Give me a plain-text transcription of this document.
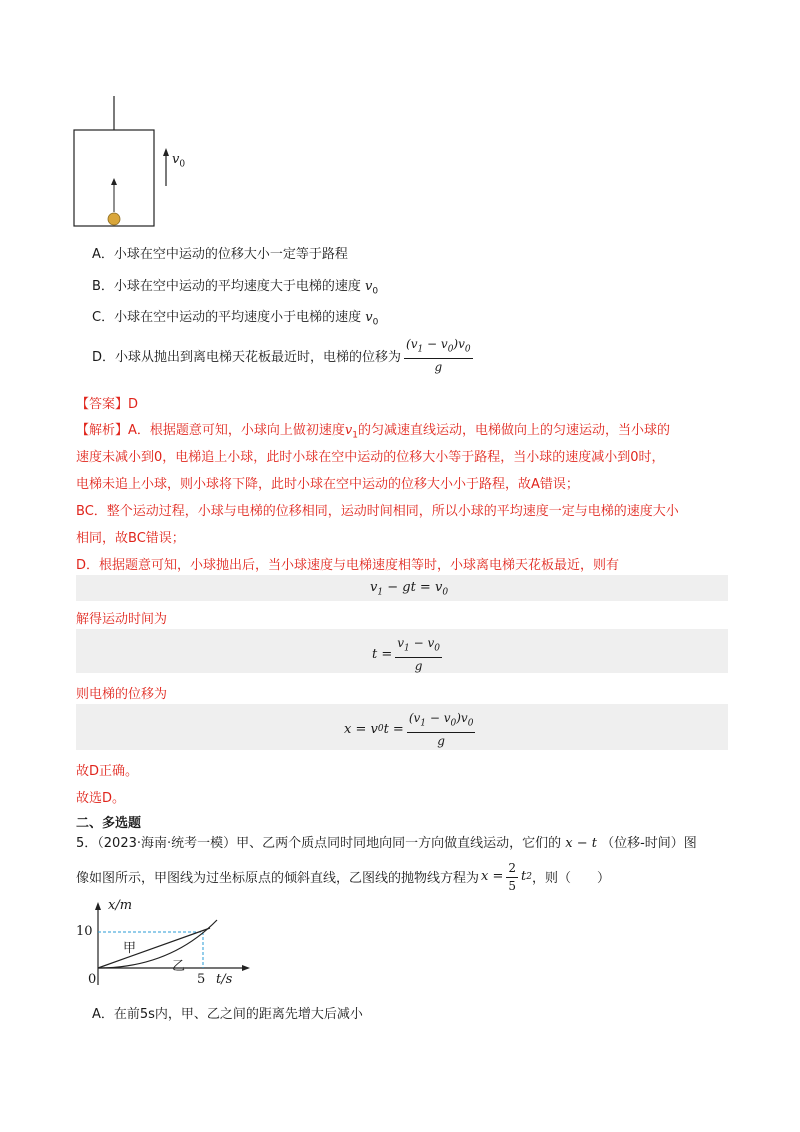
$v_0$
A．小球在空中运动的位移大小一定等于路程
B．小球在空中运动的平均速度大于电梯的速度 $v_0$
C．小球在空中运动的平均速度小于电梯的速度 $v_0$
D．小球从抛出到离电梯天花板最近时，电梯的位移为 $\frac{(v_1 - v_0)v_0}{g}$
【答案】D
【解析】A．根据题意可知，小球向上做初速度$v_1$的匀减速直线运动，电梯做向上的匀速运动，当小球的
速度未减小到0，电梯追上小球，此时小球在空中运动的位移大小等于路程，当小球的速度减小到0时，
电梯未追上小球，则小球将下降，此时小球在空中运动的位移大小小于路程，故A错误；
BC．整个运动过程，小球与电梯的位移相同，运动时间相同，所以小球的平均速度一定与电梯的速度大小
相同，故BC错误；
D．根据题意可知，小球抛出后，当小球速度与电梯速度相等时，小球离电梯天花板最近，则有
$v_1$ − gt = $v_0$
解得运动时间为
$t = \frac{v_1 - v_0}{g}$
则电梯的位移为
x = v 0 $t = \frac{(v_1 - v_0)v_0}{g}$
故D正确。
故选D。
二、多选题
5．（2023·海南·统考一模）甲、乙两个质点同时同地向同一方向做直线运动，它们的 x − t （位移-时间）图
像如图所示，甲图线为过坐标原点的倾斜直线，乙图线的抛物线方程为 $x = \frac{2}{5}$ t 2 ，则（　　）
x/m
10
甲
乙
0	5 t/s
A．在前5s内，甲、乙之间的距离先增大后减小
